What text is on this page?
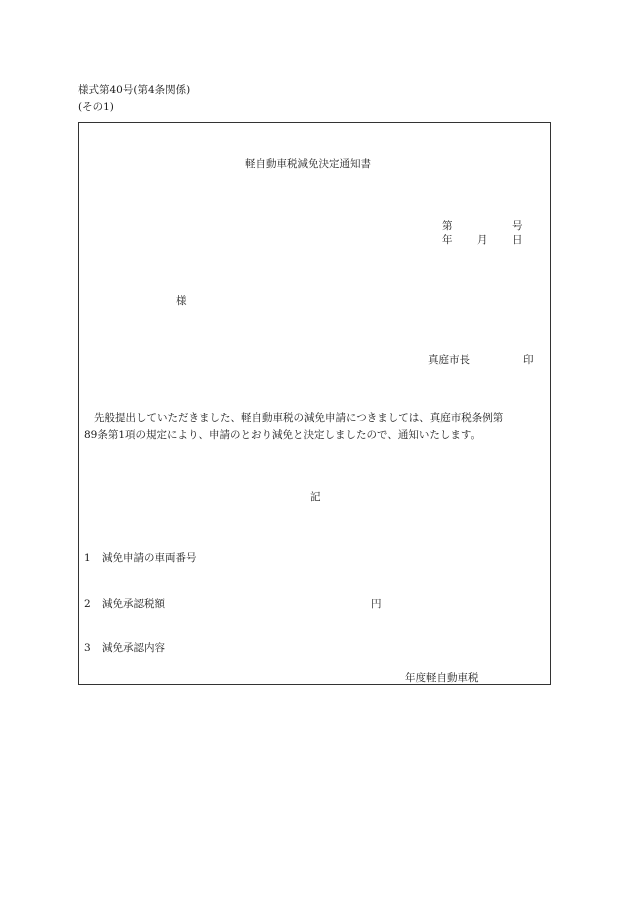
様式第40号(第4条関係)
(その1)
軽自動車税減免決定通知書
第	号
年 月 日
様
真庭市長	印
先般提出していただきました、軽自動車税の減免申請につきましては、真庭市税条例第
89条第1項の規定により、申請のとおり減免と決定しましたので、通知いたします。
記
1 減免申請の車両番号
2 減免承認税額	円
3 減免承認内容
年度軽自動車税
